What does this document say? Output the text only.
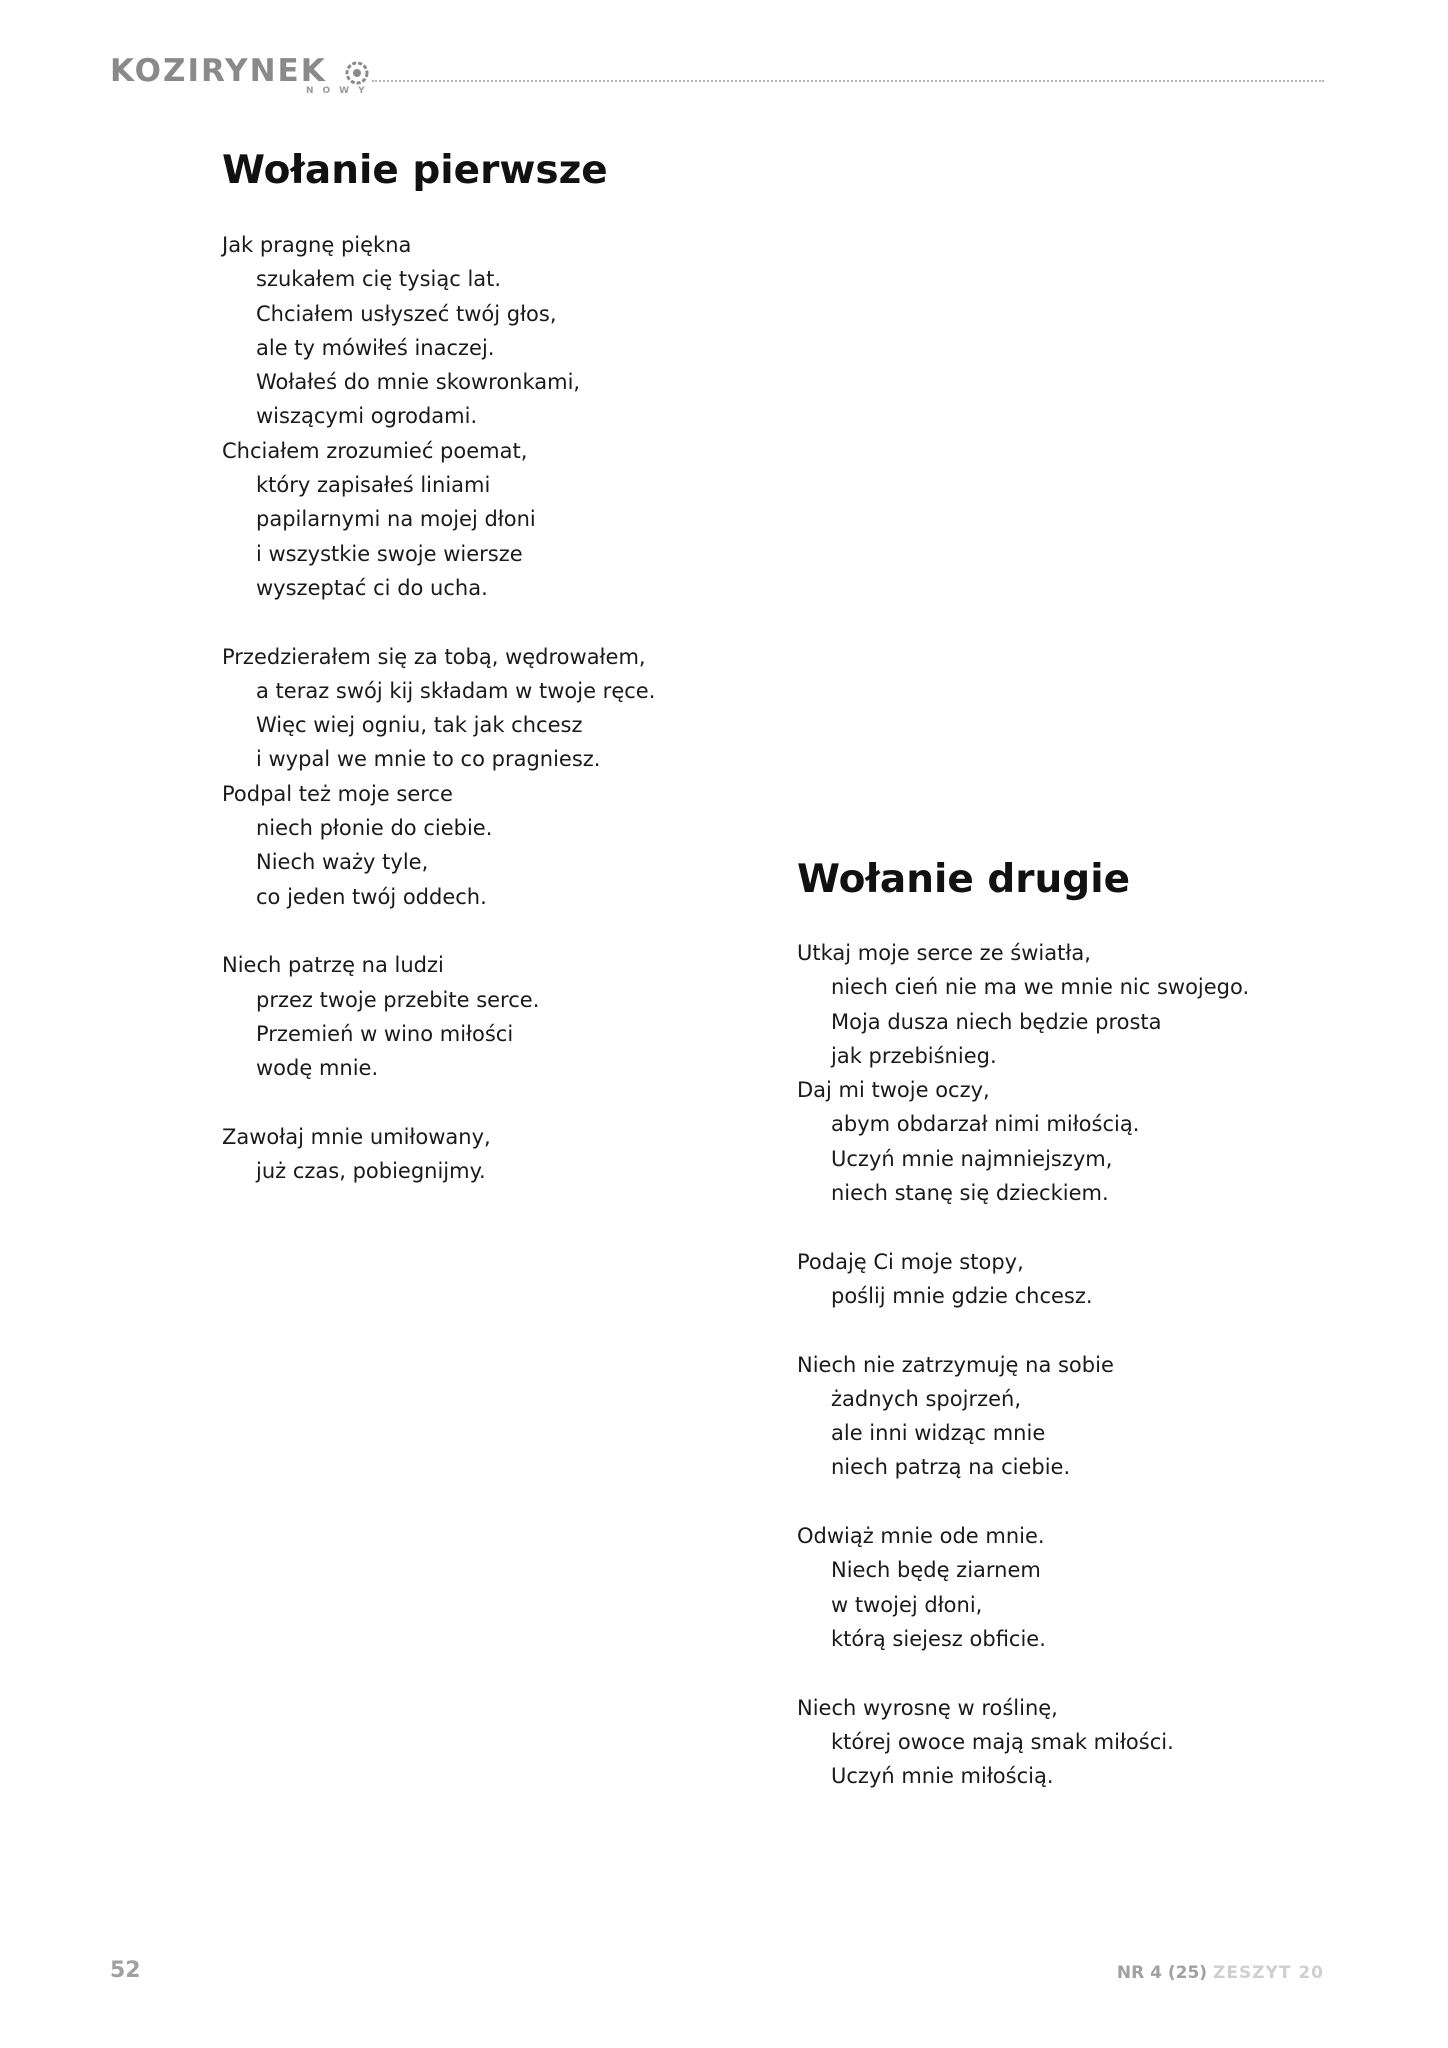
KOZIRYNEK
NOWY
Wołanie pierwsze
Jak pragnę piękna
szukałem cię tysiąc lat.
Chciałem usłyszeć twój głos,
ale ty mówiłeś inaczej.
Wołałeś do mnie skowronkami,
wiszącymi ogrodami.
Chciałem zrozumieć poemat,
który zapisałeś liniami
papilarnymi na mojej dłoni
i wszystkie swoje wiersze
wyszeptać ci do ucha.
Przedzierałem się za tobą, wędrowałem,
a teraz swój kij składam w twoje ręce.
Więc wiej ogniu, tak jak chcesz
i wypal we mnie to co pragniesz.
Podpal też moje serce
niech płonie do ciebie.
Niech waży tyle,
co jeden twój oddech.
Niech patrzę na ludzi
przez twoje przebite serce.
Przemień w wino miłości
wodę mnie.
Zawołaj mnie umiłowany,
już czas, pobiegnijmy.
Wołanie drugie
Utkaj moje serce ze światła,
niech cień nie ma we mnie nic swojego.
Moja dusza niech będzie prosta
jak przebiśnieg.
Daj mi twoje oczy,
abym obdarzał nimi miłością.
Uczyń mnie najmniejszym,
niech stanę się dzieckiem.
Podaję Ci moje stopy,
poślij mnie gdzie chcesz.
Niech nie zatrzymuję na sobie
żadnych spojrzeń,
ale inni widząc mnie
niech patrzą na ciebie.
Odwiąż mnie ode mnie.
Niech będę ziarnem
w twojej dłoni,
którą siejesz obficie.
Niech wyrosnę w roślinę,
której owoce mają smak miłości.
Uczyń mnie miłością.
52	NR 4 (25) ZESZYT 20
